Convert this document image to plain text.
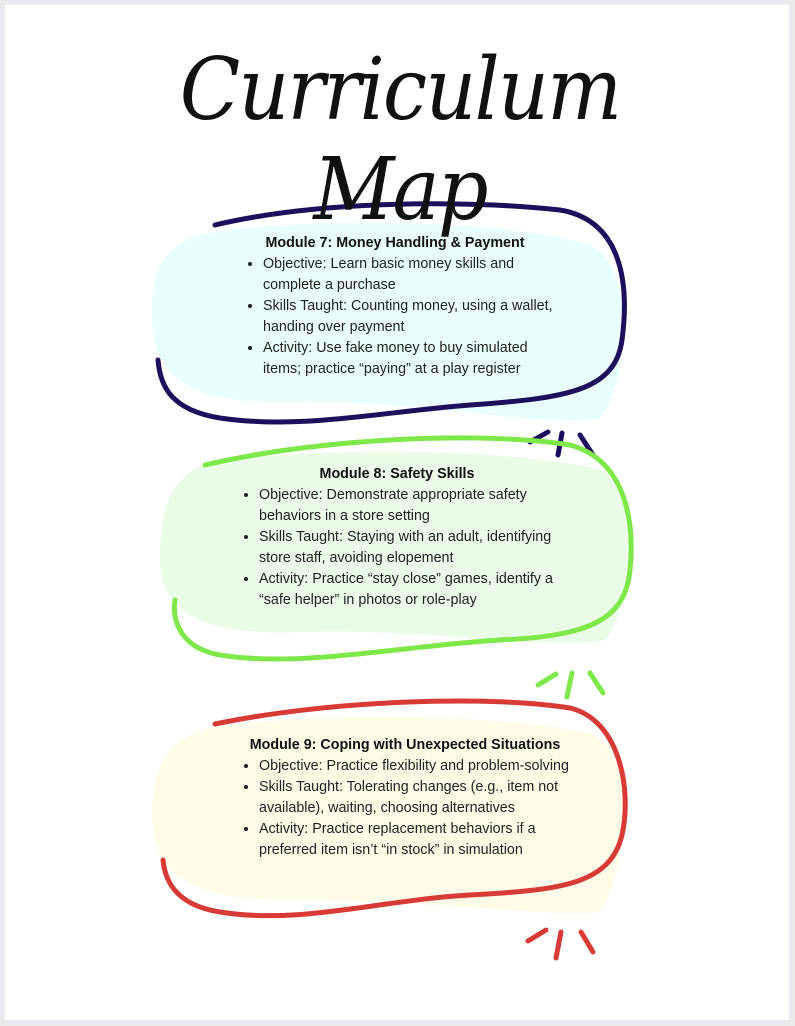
Curriculum Map
Module 7: Money Handling & Payment
• Objective: Learn basic money skills and complete a purchase
• Skills Taught: Counting money, using a wallet, handing over payment
• Activity: Use fake money to buy simulated items; practice “paying” at a play register
Module 8: Safety Skills
• Objective: Demonstrate appropriate safety behaviors in a store setting
• Skills Taught: Staying with an adult, identifying store staff, avoiding elopement
• Activity: Practice “stay close” games, identify a “safe helper” in photos or role-play
Module 9: Coping with Unexpected Situations
• Objective: Practice flexibility and problem-solving
• Skills Taught: Tolerating changes (e.g., item not available), waiting, choosing alternatives
• Activity: Practice replacement behaviors if a preferred item isn’t “in stock” in simulation
